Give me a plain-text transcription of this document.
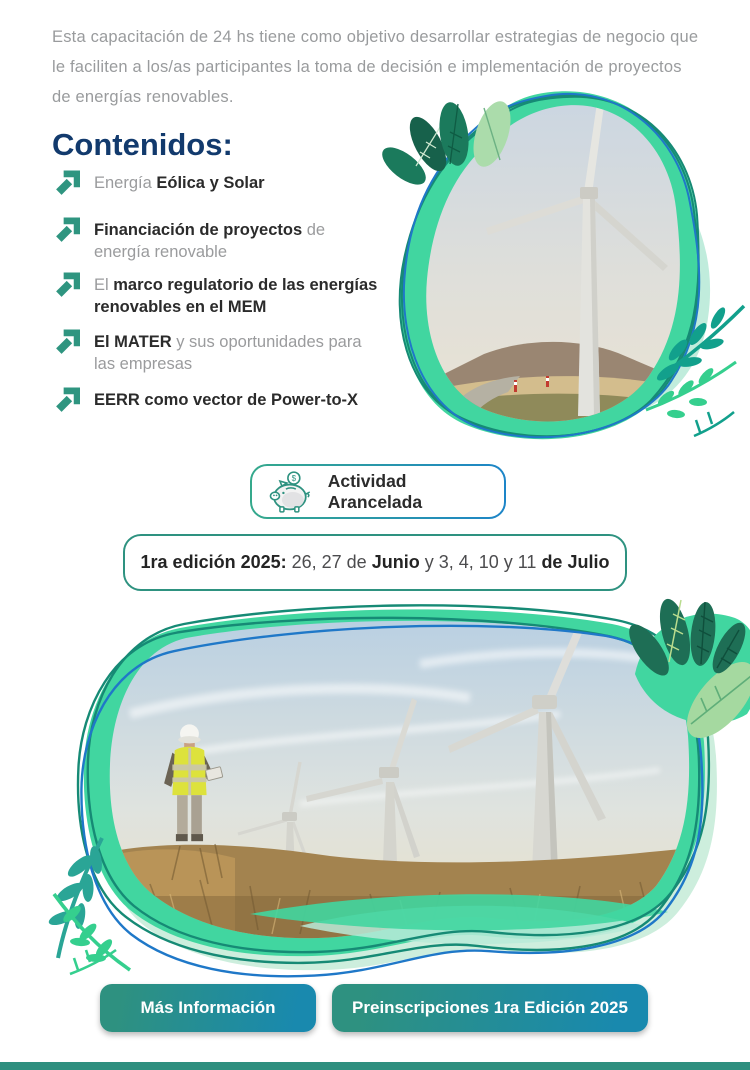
Esta capacitación de 24 hs tiene como objetivo desarrollar estrategias de negocio que le faciliten a los/as participantes la toma de decisión e implementación de proyectos de energías renovables.

Contenidos:
Energía Eólica y Solar
Financiación de proyectos de energía renovable
El marco regulatorio de las energías renovables en el MEM
El MATER y sus oportunidades para las empresas
EERR como vector de Power-to-X
$ Actividad Arancelada
1ra edición 2025: 26, 27 de Junio y 3, 4, 10 y 11 de Julio
Más Información	Preinscripciones 1ra Edición 2025
